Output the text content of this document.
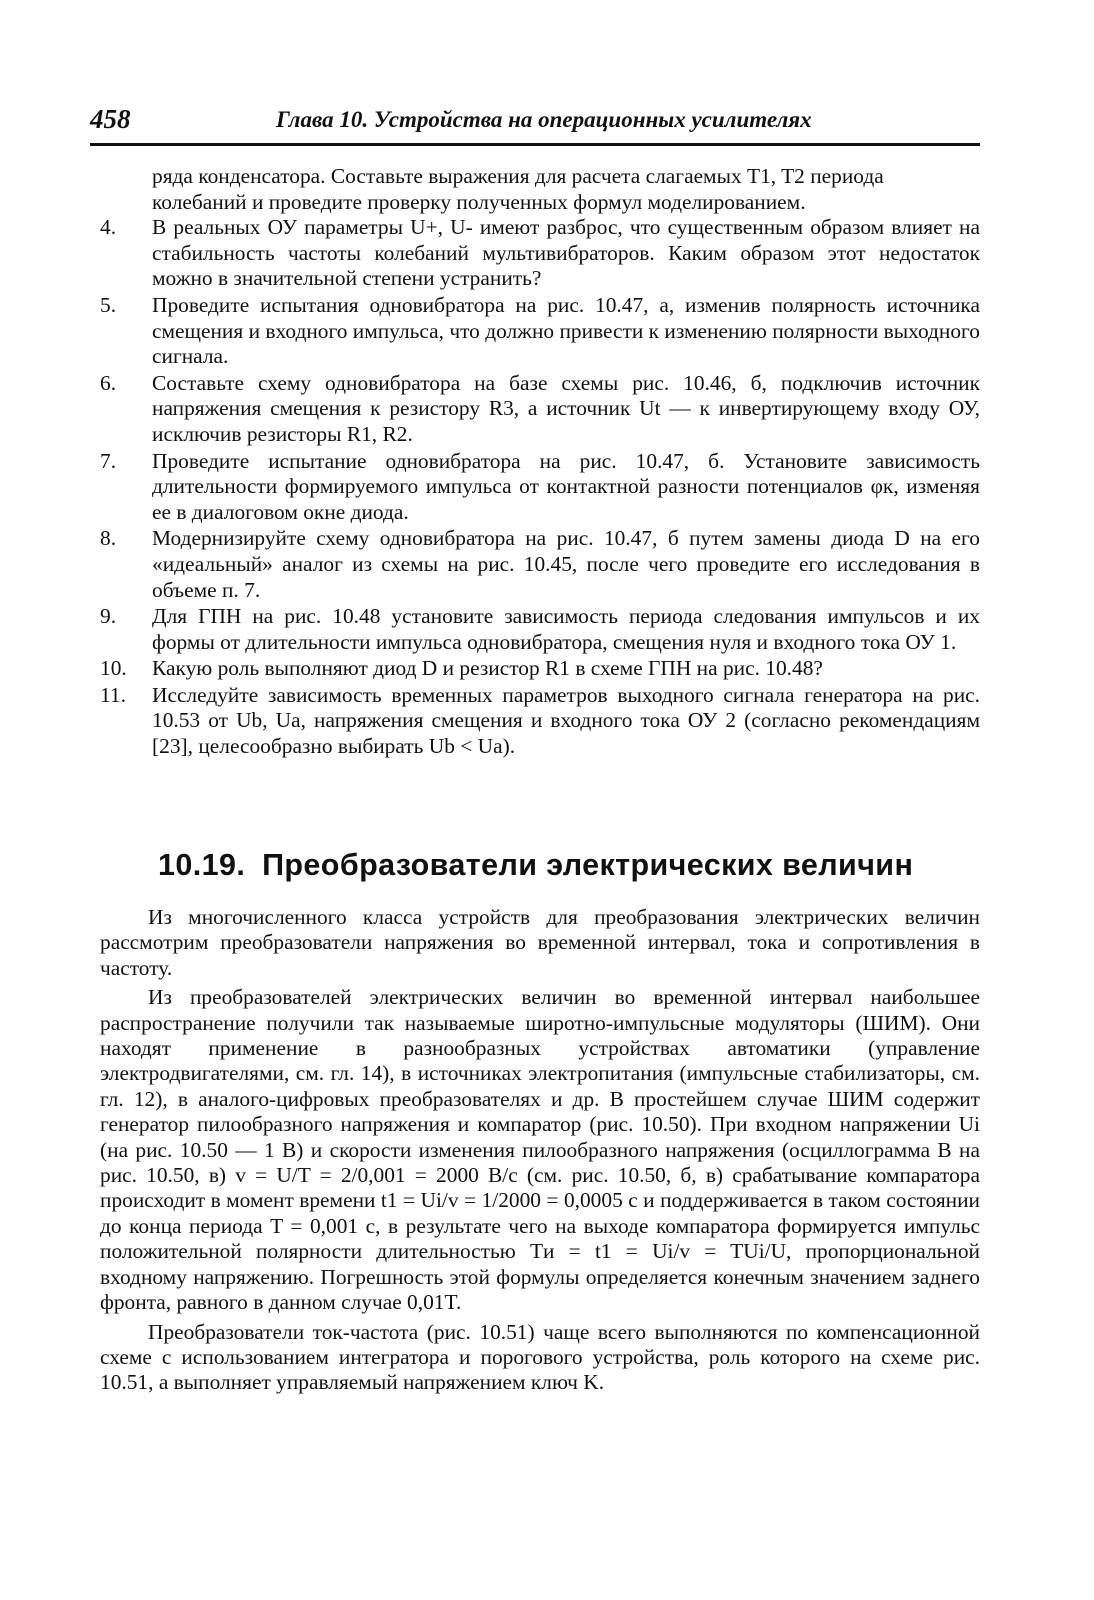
458	Глава 10. Устройства на операционных усилителях
ряда конденсатора. Составьте выражения для расчета слагаемых T1, T2 периода колебаний и проведите проверку полученных формул моделированием.
4. В реальных ОУ параметры U+, U- имеют разброс, что существенным образом влияет на стабильность частоты колебаний мультивибраторов. Каким образом этот недостаток можно в значительной степени устранить?
5. Проведите испытания одновибратора на рис. 10.47, а, изменив полярность источника смещения и входного импульса, что должно привести к изменению полярности выходного сигнала.
6. Составьте схему одновибратора на базе схемы рис. 10.46, б, подключив источник напряжения смещения к резистору R3, а источник Ut — к инвертирующему входу ОУ, исключив резисторы R1, R2.
7. Проведите испытание одновибратора на рис. 10.47, б. Установите зависимость длительности формируемого импульса от контактной разности потенциалов φк, изменяя ее в диалоговом окне диода.
8. Модернизируйте схему одновибратора на рис. 10.47, б путем замены диода D на его «идеальный» аналог из схемы на рис. 10.45, после чего проведите его исследования в объеме п. 7.
9. Для ГПН на рис. 10.48 установите зависимость периода следования импульсов и их формы от длительности импульса одновибратора, смещения нуля и входного тока ОУ 1.
10. Какую роль выполняют диод D и резистор R1 в схеме ГПН на рис. 10.48?
11. Исследуйте зависимость временных параметров выходного сигнала генератора на рис. 10.53 от Ub, Ua, напряжения смещения и входного тока ОУ 2 (согласно рекомендациям [23], целесообразно выбирать Ub < Ua).
10.19. Преобразователи электрических величин

Из многочисленного класса устройств для преобразования электрических величин рассмотрим преобразователи напряжения во временной интервал, тока и сопротивления в частоту.

Из преобразователей электрических величин во временной интервал наибольшее распространение получили так называемые широтно-импульсные модуляторы (ШИМ). Они находят применение в разнообразных устройствах автоматики (управление электродвигателями, см. гл. 14), в источниках электропитания (импульсные стабилизаторы, см. гл. 12), в аналого-цифровых преобразователях и др. В простейшем случае ШИМ содержит генератор пилообразного напряжения и компаратор (рис. 10.50). При входном напряжении Ui (на рис. 10.50 — 1 В) и скорости изменения пилообразного напряжения (осциллограмма В на рис. 10.50, в) v = U/T = 2/0,001 = 2000 В/с (см. рис. 10.50, б, в) срабатывание компаратора происходит в момент времени t1 = Ui/v = 1/2000 = 0,0005 с и поддерживается в таком состоянии до конца периода T = 0,001 с, в результате чего на выходе компаратора формируется импульс положительной полярности длительностью Tи = t1 = Ui/v = TUi/U, пропорциональной входному напряжению. Погрешность этой формулы определяется конечным значением заднего фронта, равного в данном случае 0,01T.

Преобразователи ток-частота (рис. 10.51) чаще всего выполняются по компенсационной схеме с использованием интегратора и порогового устройства, роль которого на схеме рис. 10.51, а выполняет управляемый напряжением ключ K.
